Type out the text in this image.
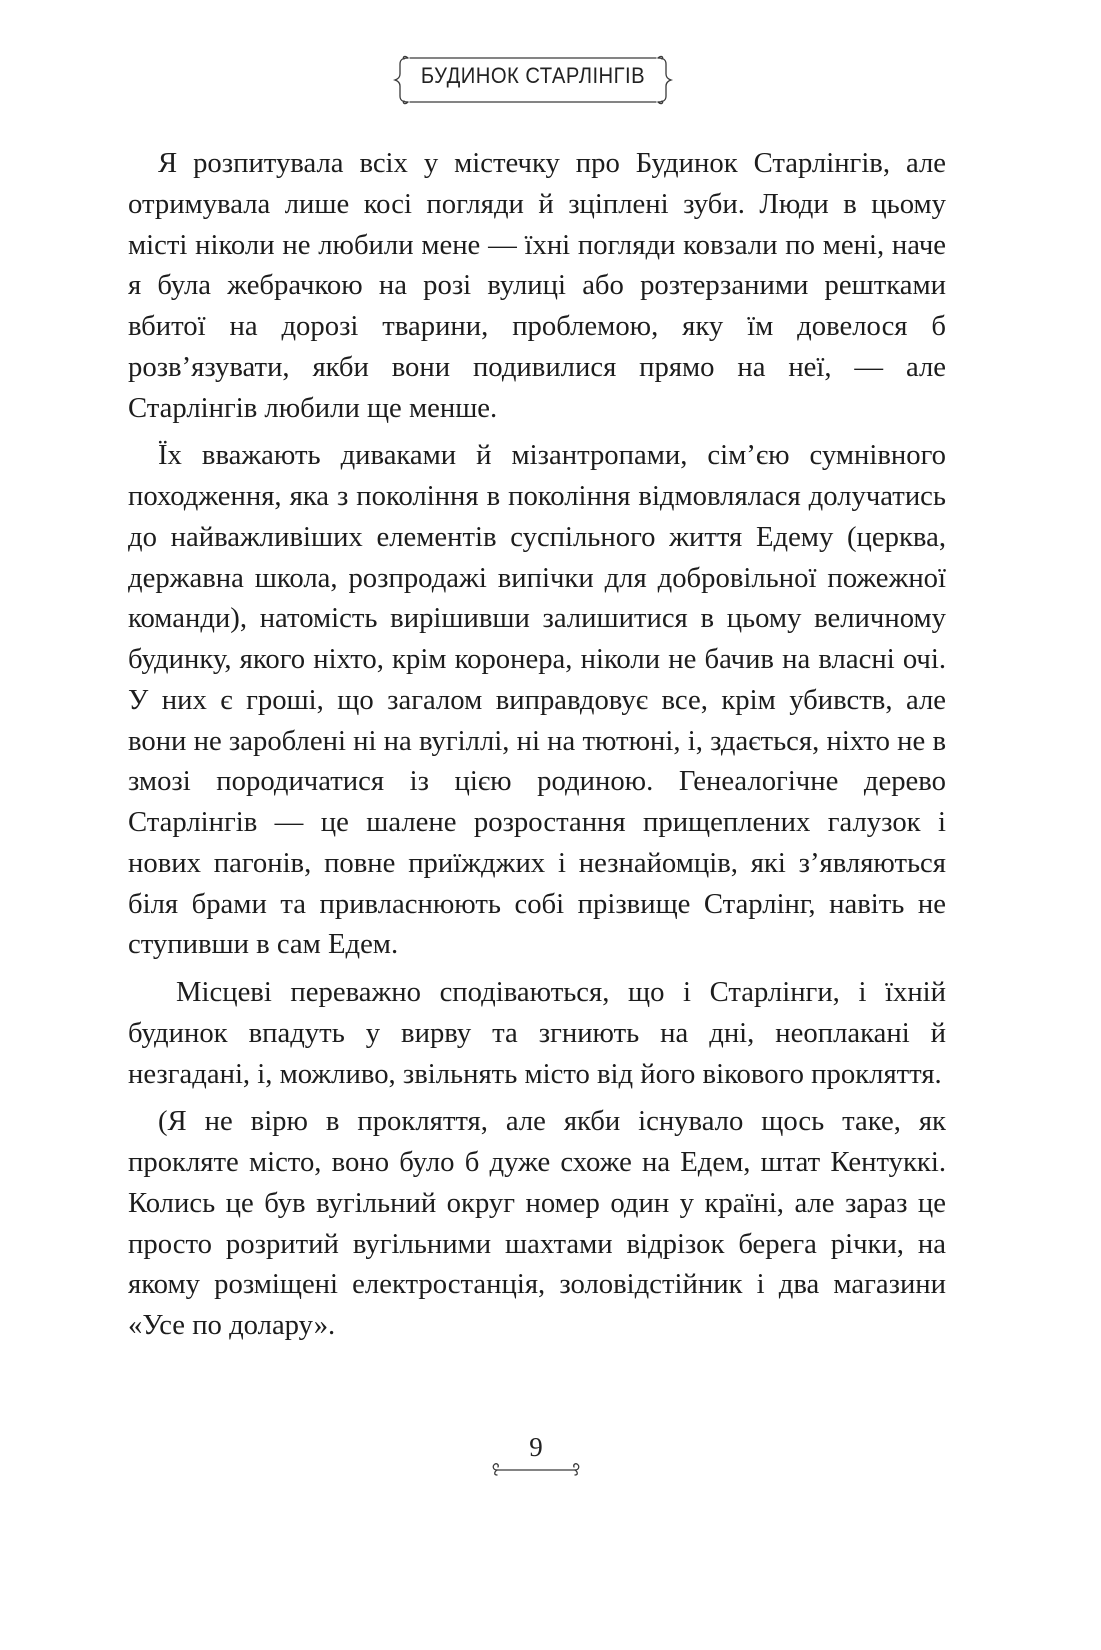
БУДИНОК СТАРЛІНГІВ

Я розпитувала всіх у містечку про Будинок Старлінгів, але отримувала лише косі погляди й зціплені зуби. Люди в цьому місті ніколи не любили мене — їхні погляди ковзали по мені, наче я була жебрачкою на розі вулиці або розтерзаними рештками вбитої на дорозі тварини, проблемою, яку їм довелося б розв’язувати, якби вони подивилися прямо на неї, — але Старлінгів любили ще менше.

Їх вважають диваками й мізантропами, сім’єю сумнівного походження, яка з покоління в покоління відмовлялася долучатись до найважливіших елементів суспільного життя Едему (церква, державна школа, розпродажі випічки для добровільної пожежної команди), натомість вирішивши залишитися в цьому величному будинку, якого ніхто, крім коронера, ніколи не бачив на власні очі. У них є гроші, що загалом виправдовує все, крім убивств, але вони не зароблені ні на вугіллі, ні на тютюні, і, здається, ніхто не в змозі породичатися із цією родиною. Генеалогічне дерево Старлінгів — це шалене розростання прищеплених галузок і нових пагонів, повне приїжджих і незнайомців, які з’являються біля брами та привласнюють собі прізвище Старлінг, навіть не ступивши в сам Едем.

Місцеві переважно сподіваються, що і Старлінги, і їхній будинок впадуть у вирву та згниють на дні, неоплакані й незгадані, і, можливо, звільнять місто від його вікового прокляття.

(Я не вірю в прокляття, але якби існувало щось таке, як прокляте місто, воно було б дуже схоже на Едем, штат Кентуккі. Колись це був вугільний округ номер один у країні, але зараз це просто розритий вугільними шахтами відрізок берега річки, на якому розміщені електростанція, золовідстійник і два магазини «Усе по долару».

9
